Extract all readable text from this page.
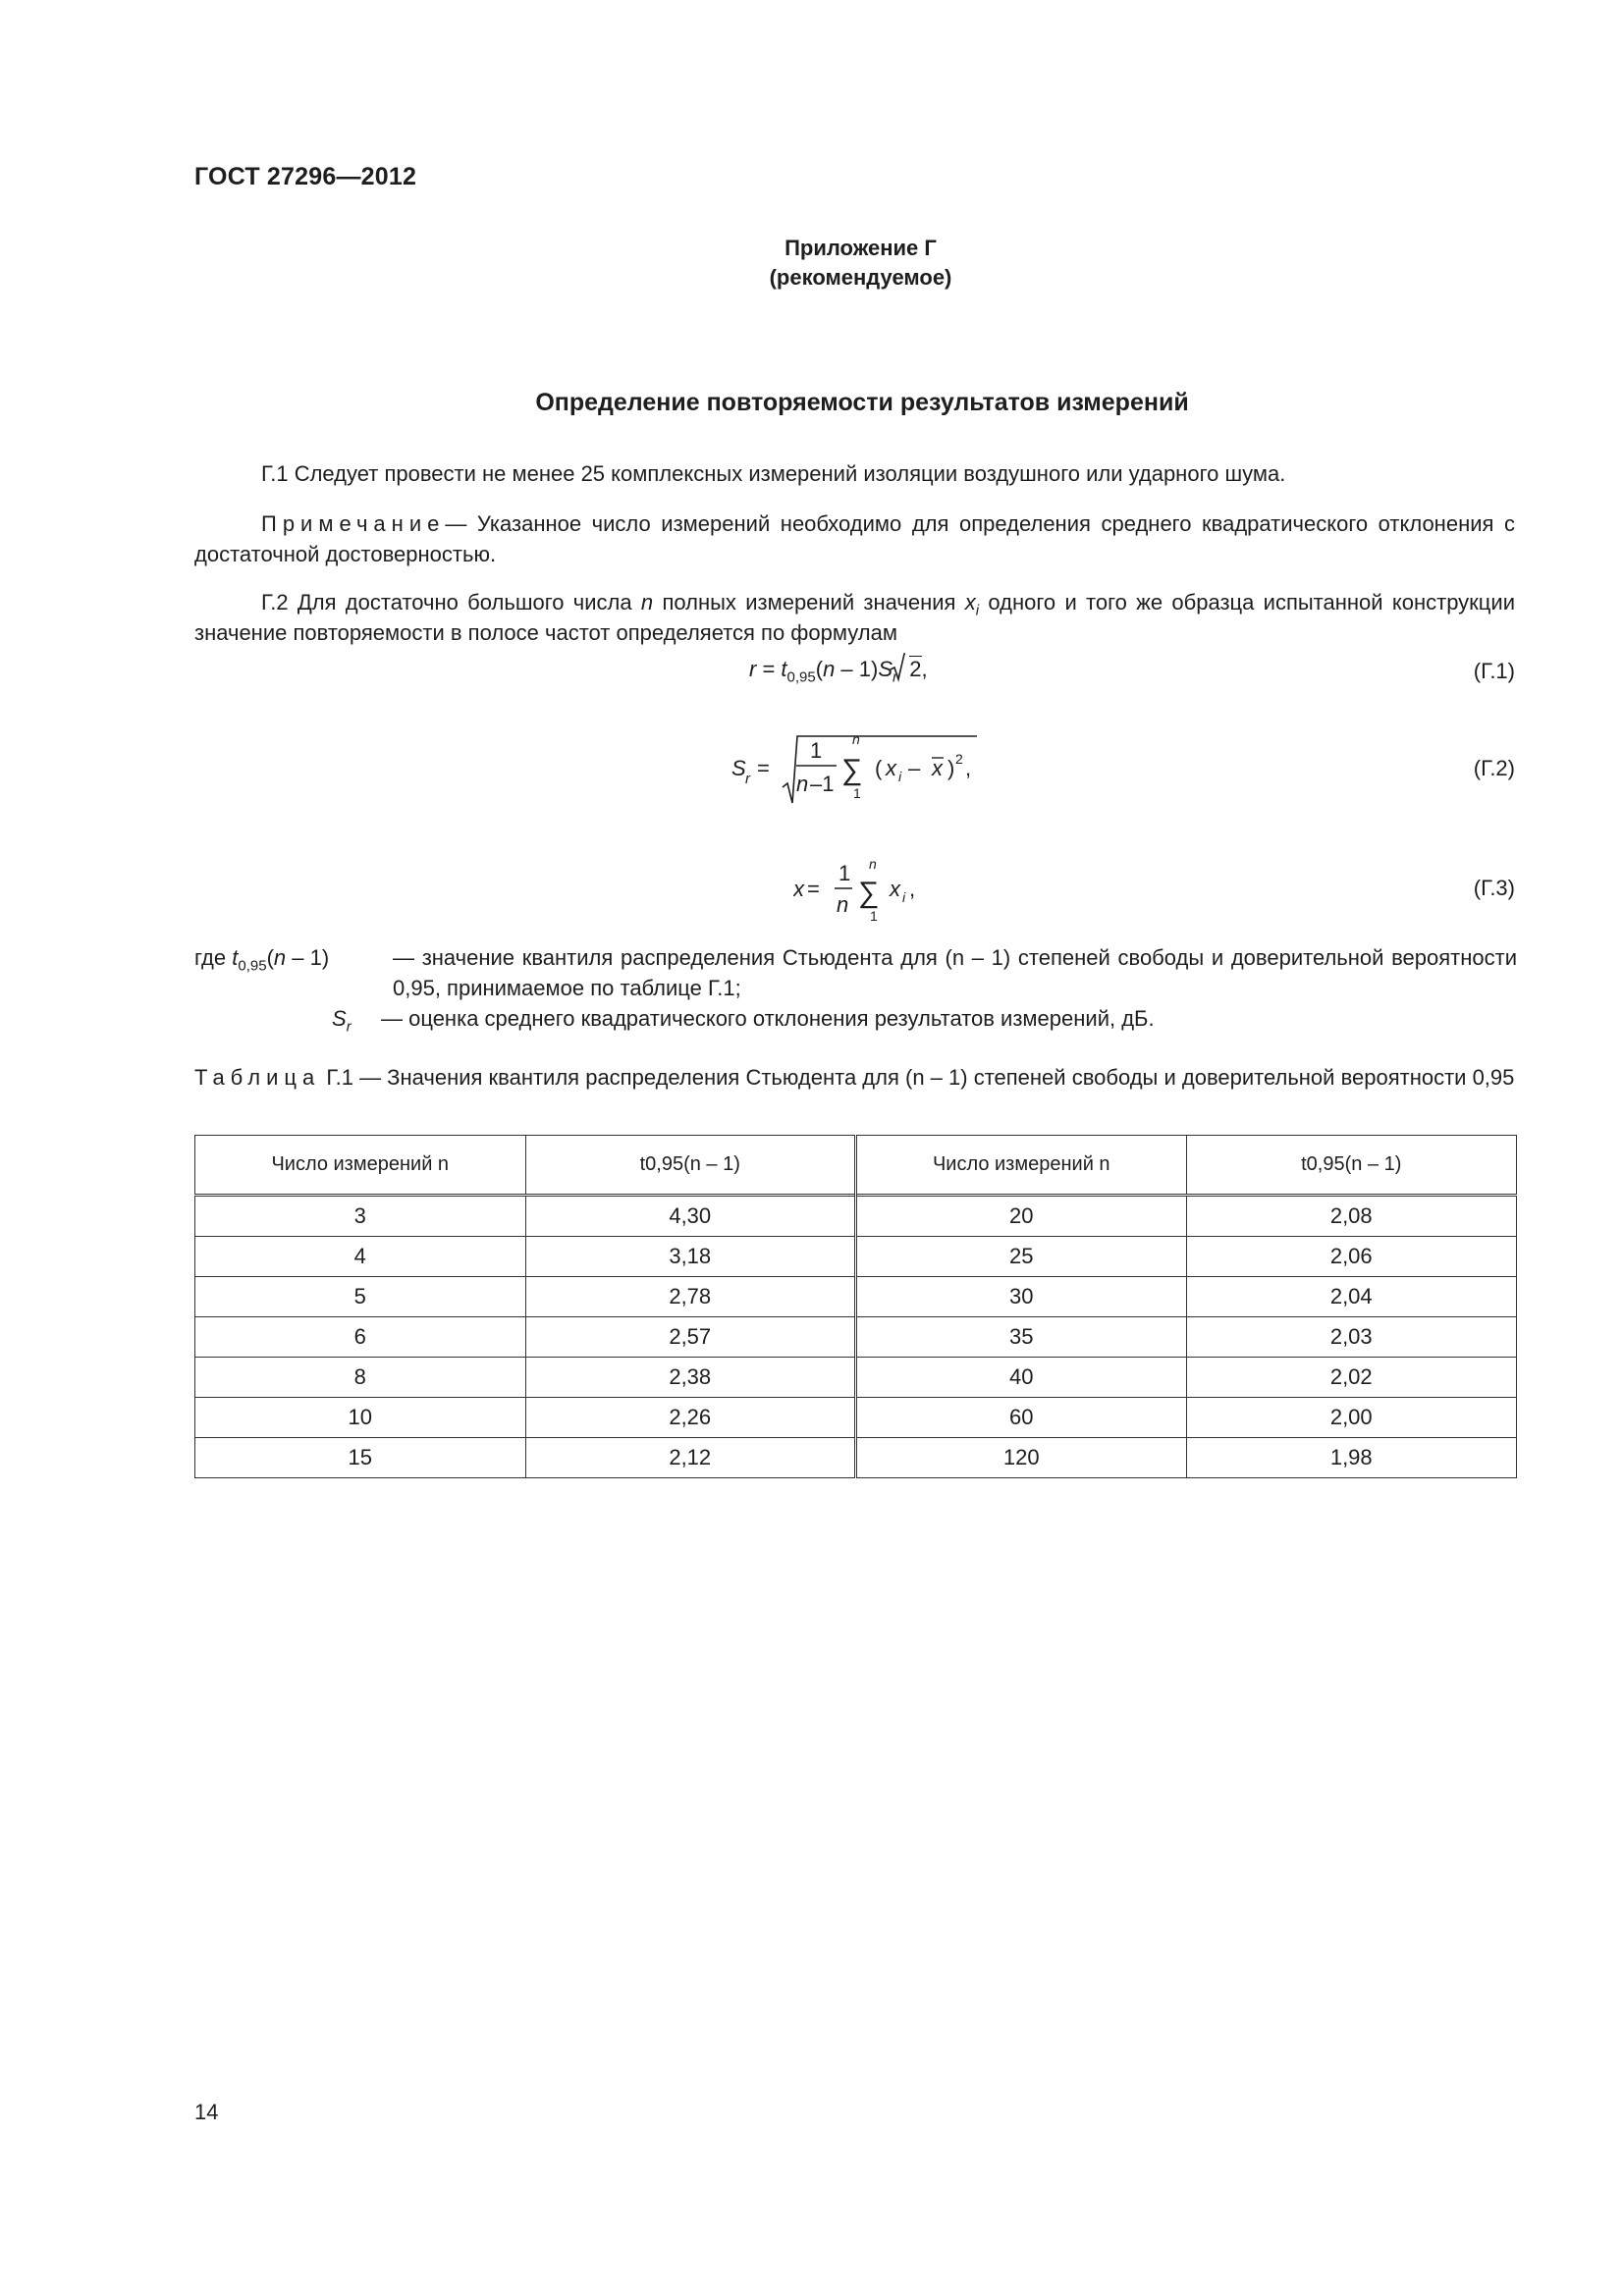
ГОСТ 27296—2012
Приложение Г
(рекомендуемое)
Определение повторяемости результатов измерений
Г.1 Следует провести не менее 25 комплексных измерений изоляции воздушного или ударного шума.
Примечание— Указанное число измерений необходимо для определения среднего квадратического отклонения с достаточной достоверностью.
Г.2 Для достаточно большого числа n полных измерений значения $x_i$ одного и того же образца испытанной конструкции значение повторяемости в полосе частот определяется по формулам
$r = t_{0,95}(n - 1)S_r$ 2,	(Г.1)
S r =
1
n –1
n
∑
1
( x i – x ) 2 ,	(Г.2)
x =
1
n
n
∑
1
x i ,	(Г.3)
где $t_{0,95}(n - 1)$	— значение квантиля распределения Стьюдента для (n – 1) степеней свободы и доверительной вероятности 0,95, принимаемое по таблице Г.1;
$S_r$ — оценка среднего квадратического отклонения результатов измерений, дБ.
Таблица Г.1 — Значения квантиля распределения Стьюдента для (n – 1) степеней свободы и доверительной вероятности 0,95
Число измерений n	t0,95(n – 1)	Число измерений n	t0,95(n – 1)
3	4,30	20	2,08
4	3,18	25	2,06
5	2,78	30	2,04
6	2,57	35	2,03
8	2,38	40	2,02
10	2,26	60	2,00
15	2,12	120	1,98
14
